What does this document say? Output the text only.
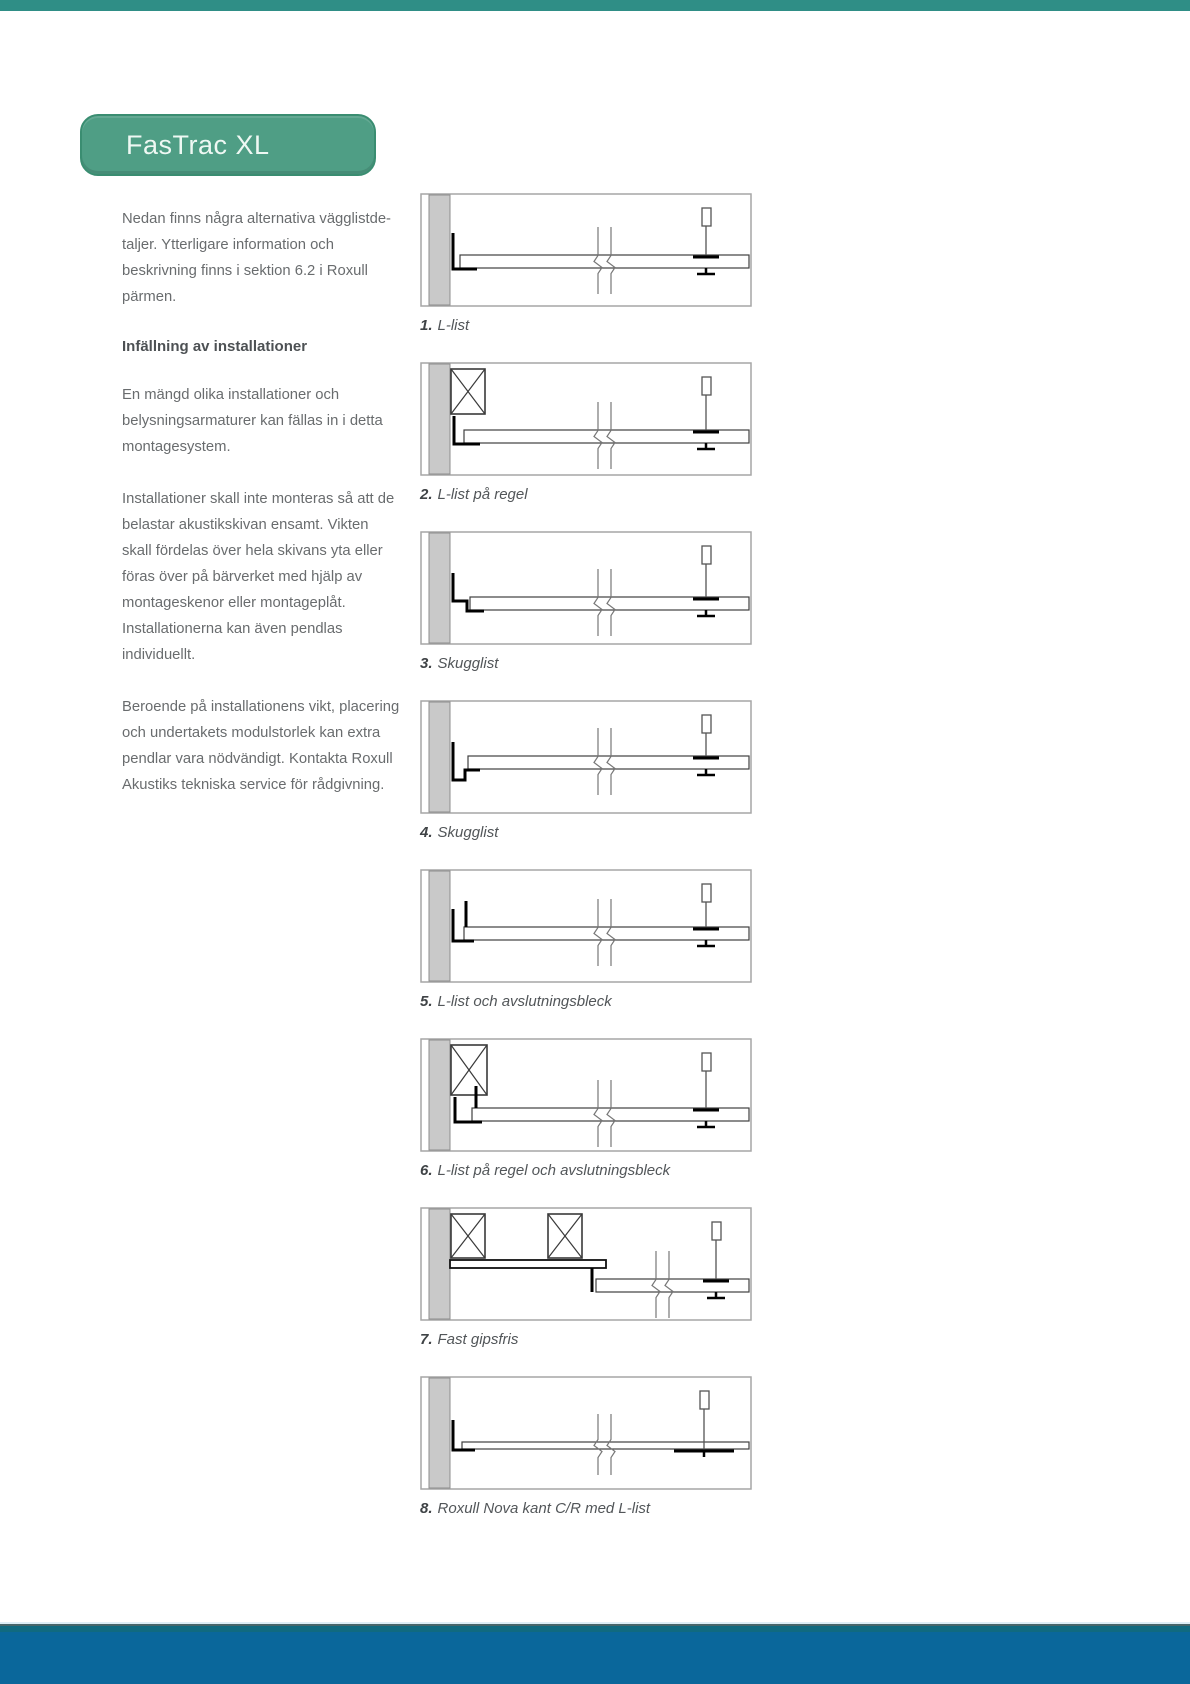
FasTrac XL

Nedan finns några alternativa vägglistde-taljer. Ytterligare information och beskrivning finns i sektion 6.2 i Roxull pärmen.

Infällning av installationer

En mängd olika installationer och belysningsarmaturer kan fällas in i detta montagesystem.

Installationer skall inte monteras så att de belastar akustikskivan ensamt. Vikten skall fördelas över hela skivans yta eller föras över på bärverket med hjälp av montageskenor eller montageplåt. Installationerna kan även pendlas individuellt.

Beroende på installationens vikt, placering och undertakets modulstorlek kan extra pendlar vara nödvändigt. Kontakta Roxull Akustiks tekniska service för rådgivning.

1. L-list
2. L-list på regel
3. Skugglist
4. Skugglist
5. L-list och avslutningsbleck
6. L-list på regel och avslutningsbleck
7. Fast gipsfris
8. Roxull Nova kant C/R med L-list
